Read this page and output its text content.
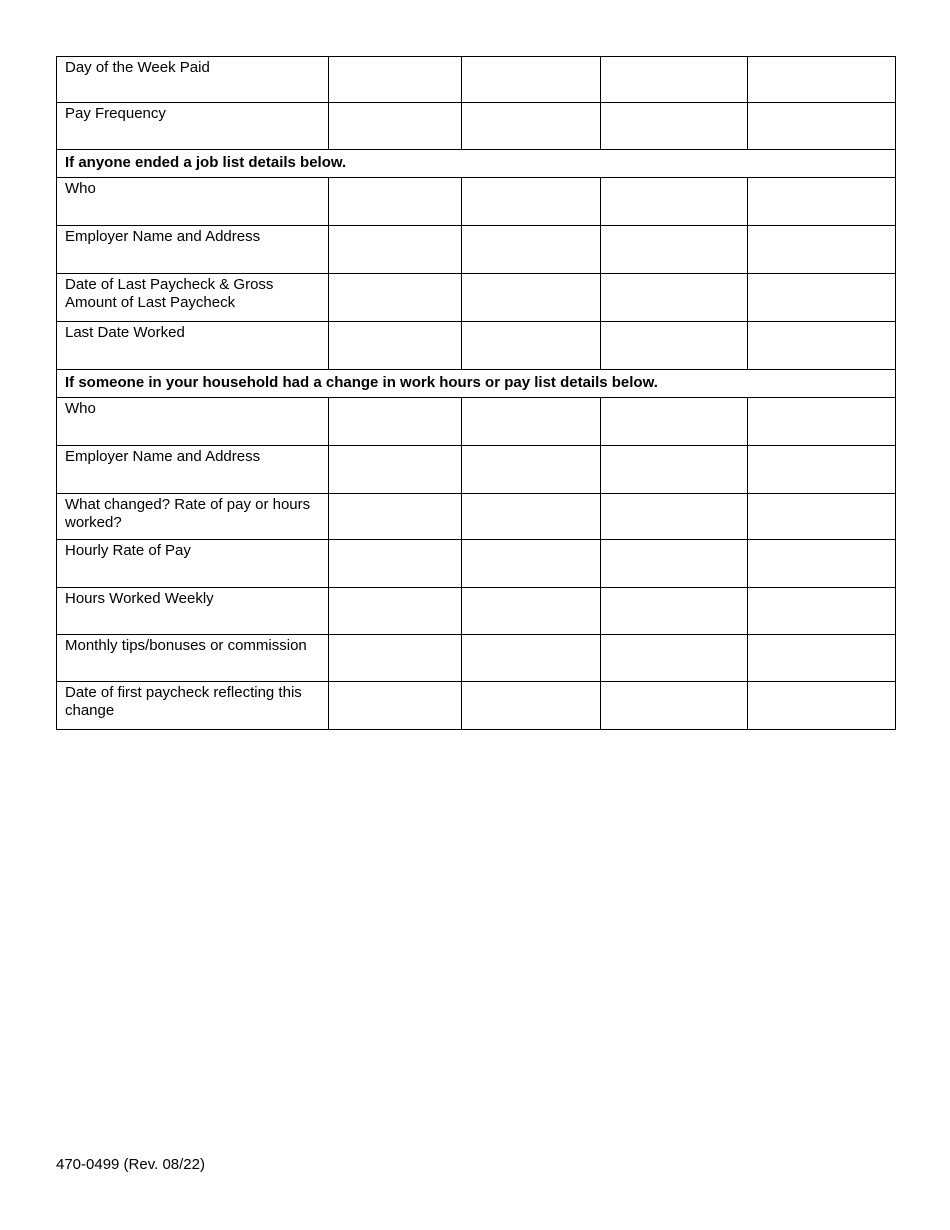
Day of the Week Paid				
Pay Frequency				
If anyone ended a job list details below.				
Who				
Employer Name and Address				
Date of Last Paycheck & Gross Amount of Last Paycheck				
Last Date Worked				
If someone in your household had a change in work hours or pay list details below.				
Who				
Employer Name and Address				
What changed? Rate of pay or hours worked?				
Hourly Rate of Pay				
Hours Worked Weekly				
Monthly tips/bonuses or commission				
Date of first paycheck reflecting this change				
470-0499 (Rev. 08/22)
